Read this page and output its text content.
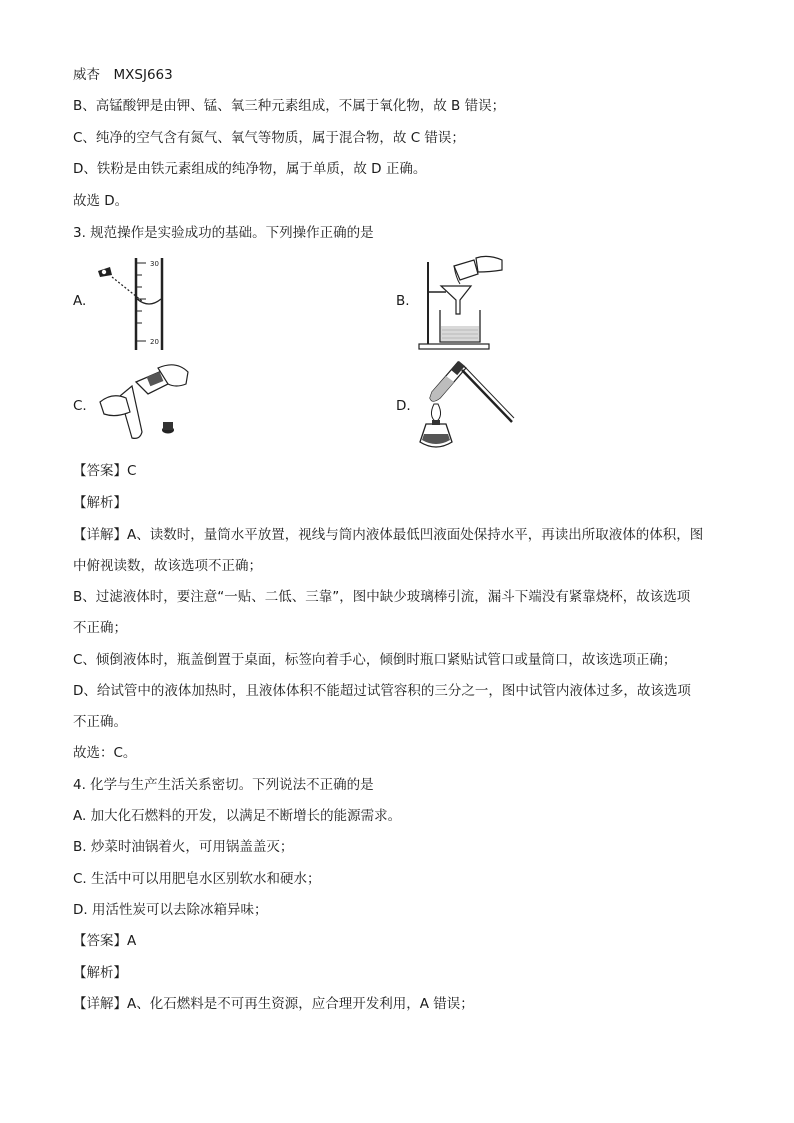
威杏　MXSJ663
B、高锰酸钾是由钾、锰、氧三种元素组成，不属于氧化物，故 B 错误；
C、纯净的空气含有氮气、氧气等物质，属于混合物，故 C 错误；
D、铁粉是由铁元素组成的纯净物，属于单质，故 D 正确。
故选 D。
3. 规范操作是实验成功的基础。下列操作正确的是
A.
30
20
B.
C.	D.
【答案】C
【解析】
【详解】A、读数时，量筒水平放置，视线与筒内液体最低凹液面处保持水平，再读出所取液体的体积，图
中俯视读数，故该选项不正确；
B、过滤液体时，要注意“一贴、二低、三靠”，图中缺少玻璃棒引流，漏斗下端没有紧靠烧杯，故该选项
不正确；
C、倾倒液体时，瓶盖倒置于桌面，标签向着手心，倾倒时瓶口紧贴试管口或量筒口，故该选项正确；
D、给试管中的液体加热时，且液体体积不能超过试管容积的三分之一，图中试管内液体过多，故该选项
不正确。
故选：C。
4. 化学与生产生活关系密切。下列说法不正确的是
A. 加大化石燃料的开发，以满足不断增长的能源需求。
B. 炒菜时油锅着火，可用锅盖盖灭；
C. 生活中可以用肥皂水区别软水和硬水；
D. 用活性炭可以去除冰箱异味；
【答案】A
【解析】
【详解】A、化石燃料是不可再生资源，应合理开发利用，A 错误；
